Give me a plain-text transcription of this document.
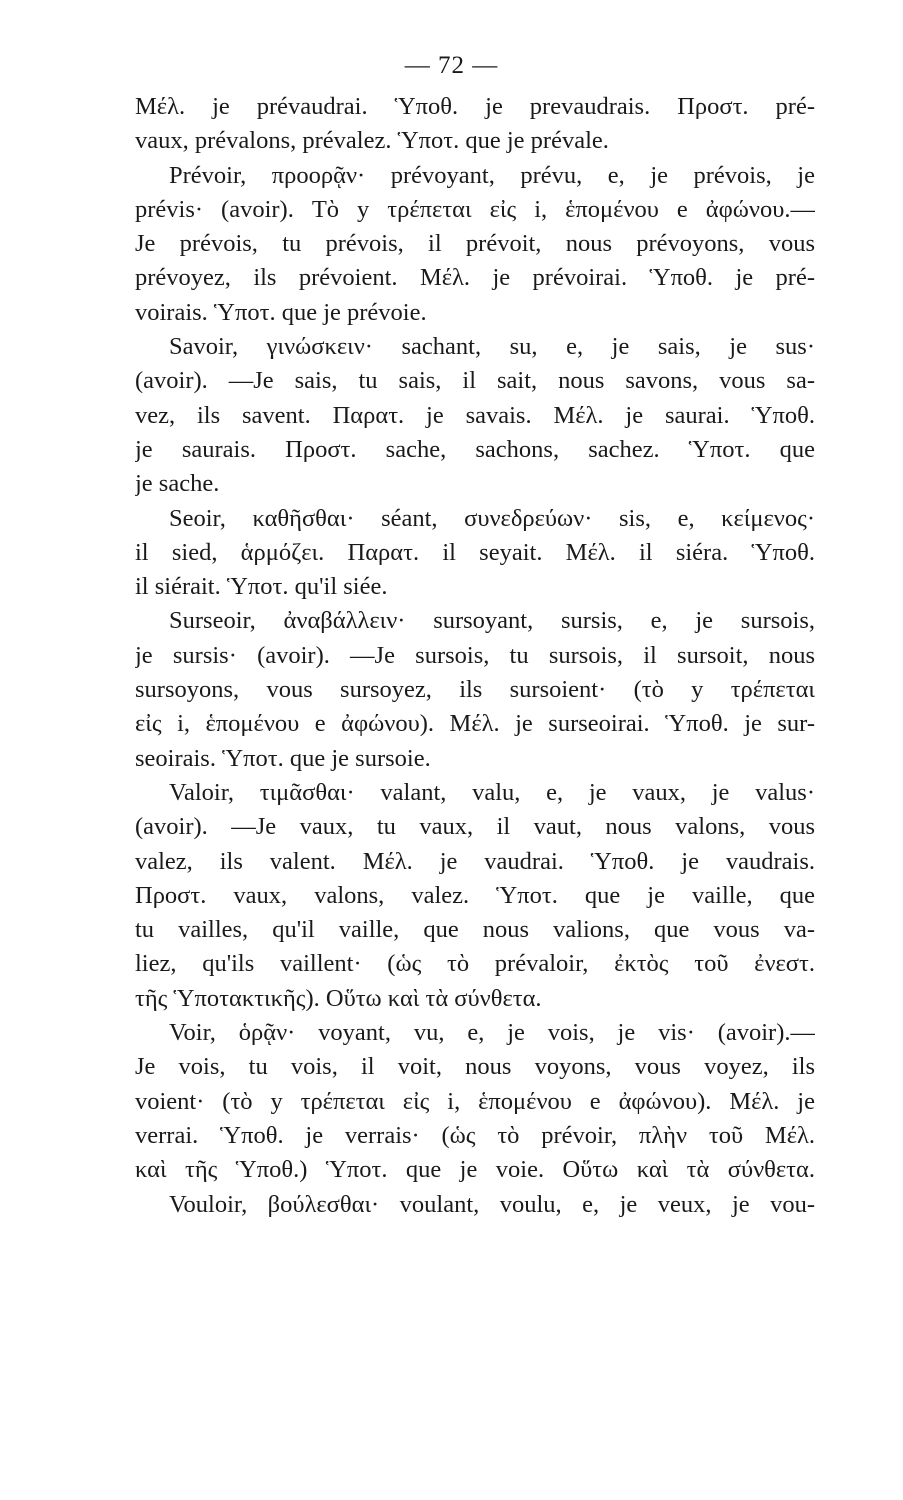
— 72 —
Μέλ. je prévaudrai. Ὑποθ. je prevaudrais. Προστ. pré-
vaux, prévalons, prévalez. Ὑποτ. que je prévale.
Prévoir, προορᾷν· prévoyant, prévu, e, je prévois, je
prévis· (avoir). Τὸ y τρέπεται εἰς i, ἑπομένου e ἀφώνου.—
Je prévois, tu prévois, il prévoit, nous prévoyons, vous
prévoyez, ils prévoient. Μέλ. je prévoirai. Ὑποθ. je pré-
voirais. Ὑποτ. que je prévoie.
Savoir, γινώσκειν· sachant, su, e, je sais, je sus·
(avoir). —Je sais, tu sais, il sait, nous savons, vous sa-
vez, ils savent. Παρατ. je savais. Μέλ. je saurai. Ὑποθ.
je saurais. Προστ. sache, sachons, sachez. Ὑποτ. que
je sache.
Seoir, καθῆσθαι· séant, συνεδρεύων· sis, e, κείμενος·
il sied, ἁρμόζει. Παρατ. il seyait. Μέλ. il siéra. Ὑποθ.
il siérait. Ὑποτ. qu'il siée.
Surseoir, ἀναβάλλειν· sursoyant, sursis, e, je sursois,
je sursis· (avoir). —Je sursois, tu sursois, il sursoit, nous
sursoyons, vous sursoyez, ils sursoient· (τὸ y τρέπεται
εἰς i, ἑπομένου e ἀφώνου). Μέλ. je surseoirai. Ὑποθ. je sur-
seoirais. Ὑποτ. que je sursoie.
Valoir, τιμᾶσθαι· valant, valu, e, je vaux, je valus·
(avoir). —Je vaux, tu vaux, il vaut, nous valons, vous
valez, ils valent. Μέλ. je vaudrai. Ὑποθ. je vaudrais.
Προστ. vaux, valons, valez. Ὑποτ. que je vaille, que
tu vailles, qu'il vaille, que nous valions, que vous va-
liez, qu'ils vaillent· (ὡς τὸ prévaloir, ἐκτὸς τοῦ ἐνεστ.
τῆς Ὑποτακτικῆς). Οὕτω καὶ τὰ σύνθετα.
Voir, ὁρᾷν· voyant, vu, e, je vois, je vis· (avoir).—
Je vois, tu vois, il voit, nous voyons, vous voyez, ils
voient· (τὸ y τρέπεται εἰς i, ἑπομένου e ἀφώνου). Μέλ. je
verrai. Ὑποθ. je verrais· (ὡς τὸ prévoir, πλὴν τοῦ Μέλ.
καὶ τῆς Ὑποθ.) Ὑποτ. que je voie. Οὕτω καὶ τὰ σύνθετα.
Vouloir, βούλεσθαι· voulant, voulu, e, je veux, je vou-
